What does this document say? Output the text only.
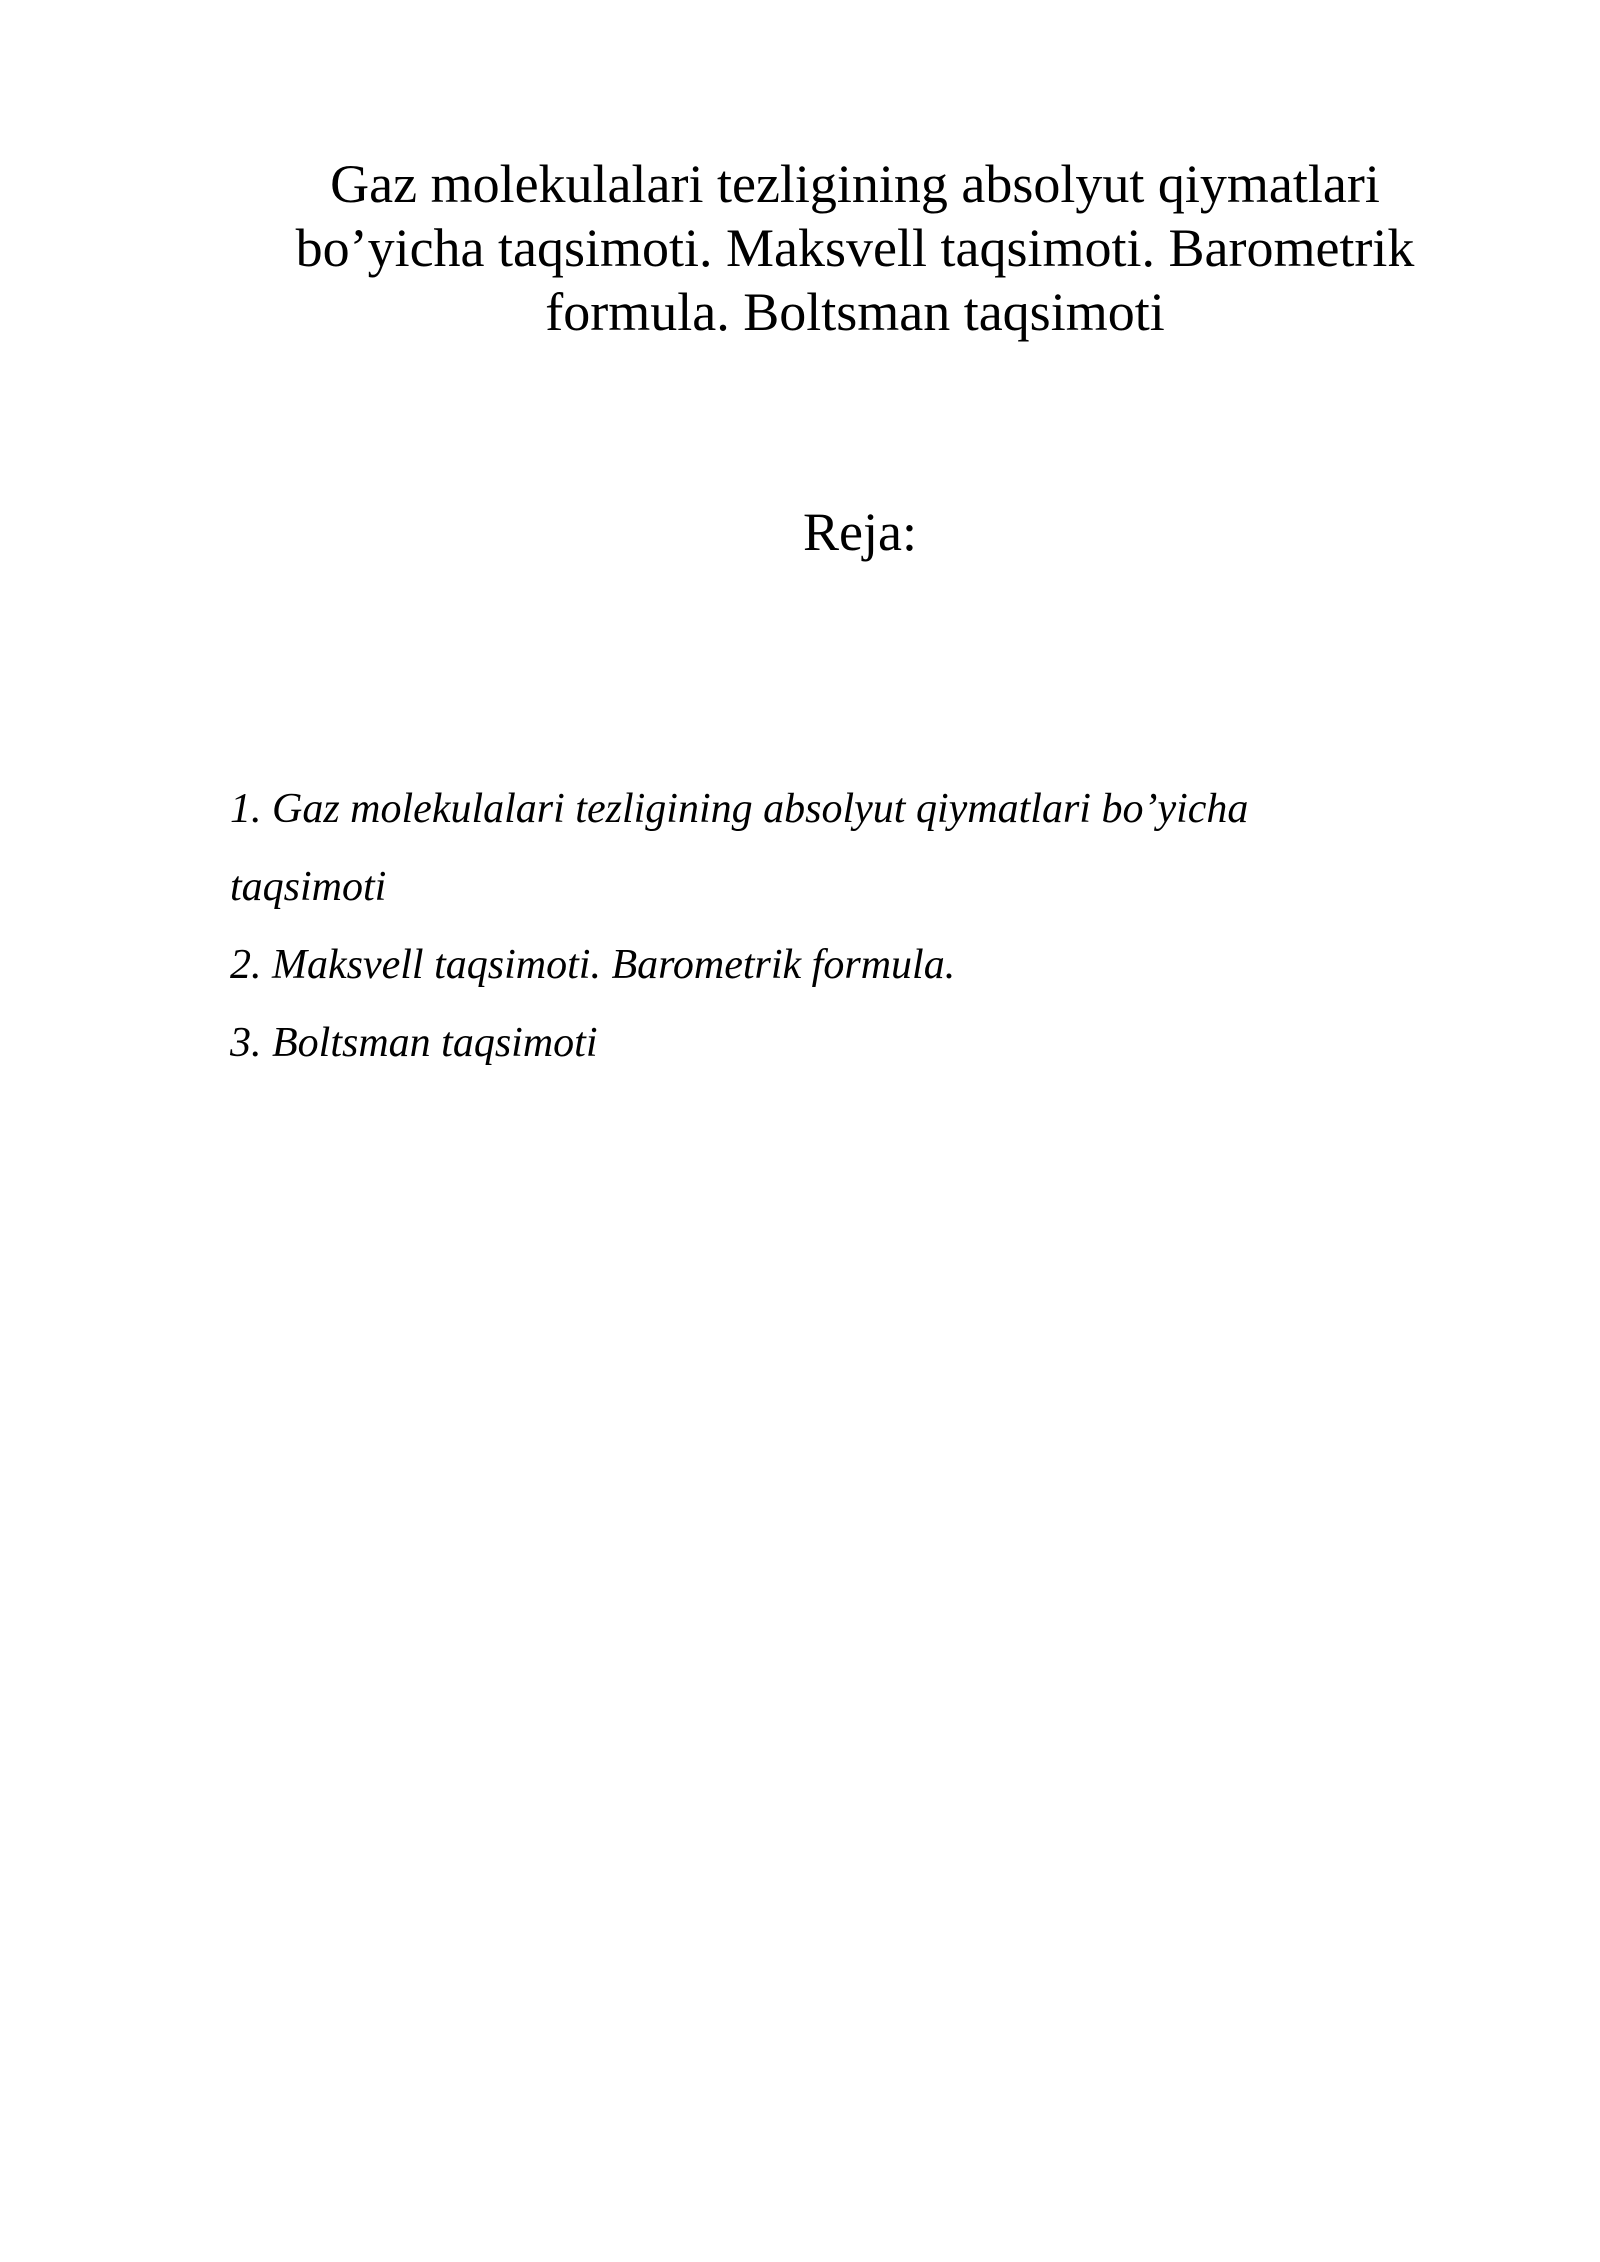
Gaz molekulalari tezligining absolyut qiymatlari
bo’yicha taqsimoti. Maksvell taqsimoti. Barometrik
formula. Boltsman taqsimoti
Reja:
1. Gaz molekulalari tezligining absolyut qiymatlari bo’yicha
taqsimoti
2. Maksvell taqsimoti. Barometrik formula.
3. Boltsman taqsimoti
